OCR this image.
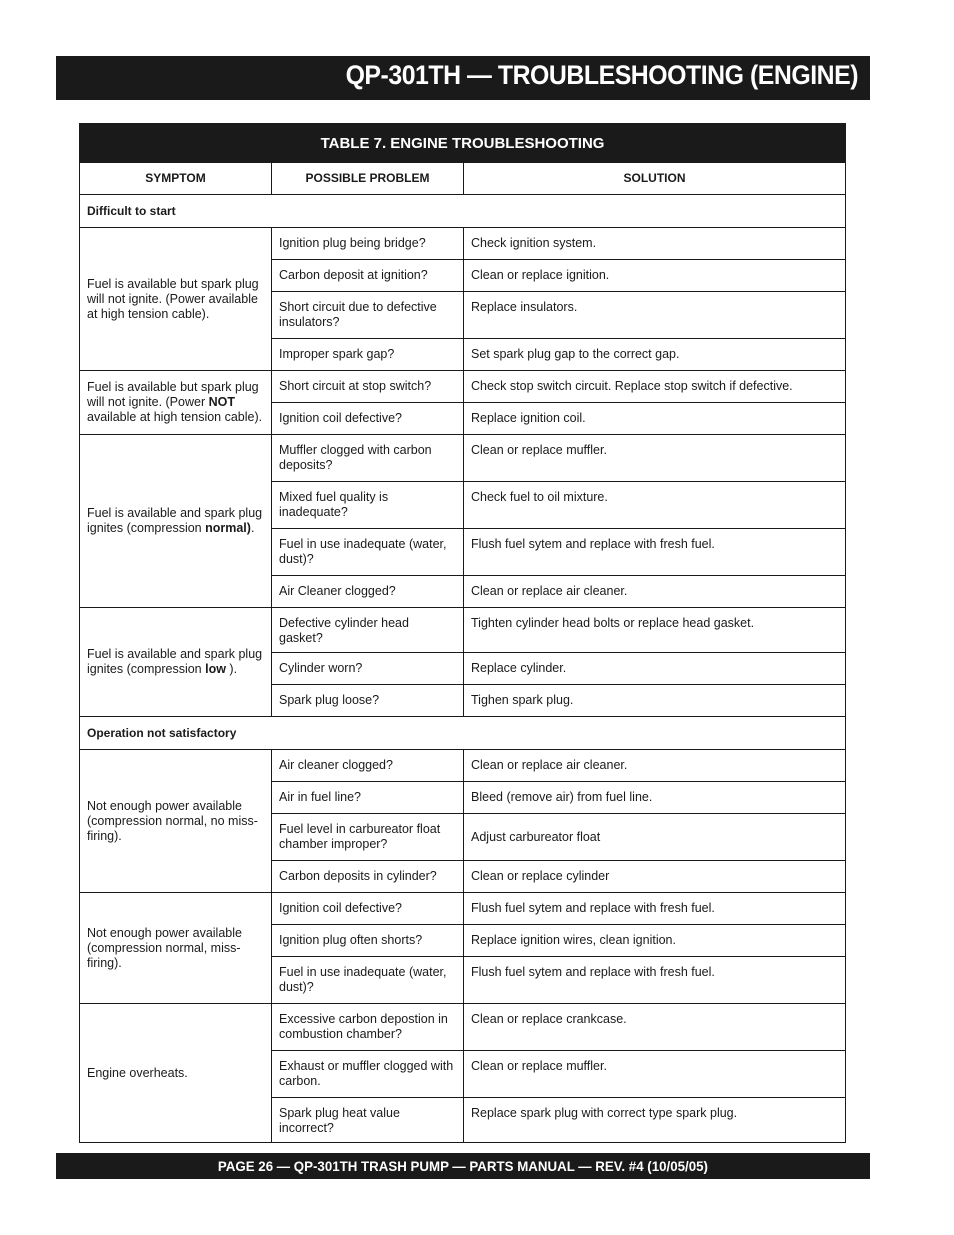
QP-301TH — TROUBLESHOOTING (ENGINE)
TABLE 7. ENGINE TROUBLESHOOTING		
SYMPTOM	POSSIBLE PROBLEM	SOLUTION
Difficult to start		
Fuel is available but spark plug will not ignite. (Power available at high tension cable).	Ignition plug being bridge?	Check ignition system.
	Carbon deposit at ignition?	Clean or replace ignition.
	Short circuit due to defective insulators?	Replace insulators.
	Improper spark gap?	Set spark plug gap to the correct gap.
Fuel is available but spark plug will not ignite. (Power NOT available at high tension cable).	Short circuit at stop switch?	Check stop switch circuit. Replace stop switch if defective.
	Ignition coil defective?	Replace ignition coil.
Fuel is available and spark plug ignites (compression normal).	Muffler clogged with carbon deposits?	Clean or replace muffler.
	Mixed fuel quality is inadequate?	Check fuel to oil mixture.
	Fuel in use inadequate (water, dust)?	Flush fuel sytem and replace with fresh fuel.
	Air Cleaner clogged?	Clean or replace air cleaner.
Fuel is available and spark plug ignites (compression low ).	Defective cylinder head gasket?	Tighten cylinder head bolts or replace head gasket.
	Cylinder worn?	Replace cylinder.
	Spark plug loose?	Tighen spark plug.
Operation not satisfactory		
Not enough power available (compression normal, no miss-firing).	Air cleaner clogged?	Clean or replace air cleaner.
	Air in fuel line?	Bleed (remove air) from fuel line.
	Fuel level in carbureator float chamber improper?	Adjust carbureator float
	Carbon deposits in cylinder?	Clean or replace cylinder
Not enough power available (compression normal, miss-firing).	Ignition coil defective?	Flush fuel sytem and replace with fresh fuel.
	Ignition plug often shorts?	Replace ignition wires, clean ignition.
	Fuel in use inadequate (water, dust)?	Flush fuel sytem and replace with fresh fuel.
Engine overheats.	Excessive carbon depostion in combustion chamber?	Clean or replace crankcase.
	Exhaust or muffler clogged with carbon.	Clean or replace muffler.
	Spark plug heat value incorrect?	Replace spark plug with correct type spark plug.
PAGE 26 — QP-301TH TRASH PUMP — PARTS MANUAL — REV. #4 (10/05/05)
